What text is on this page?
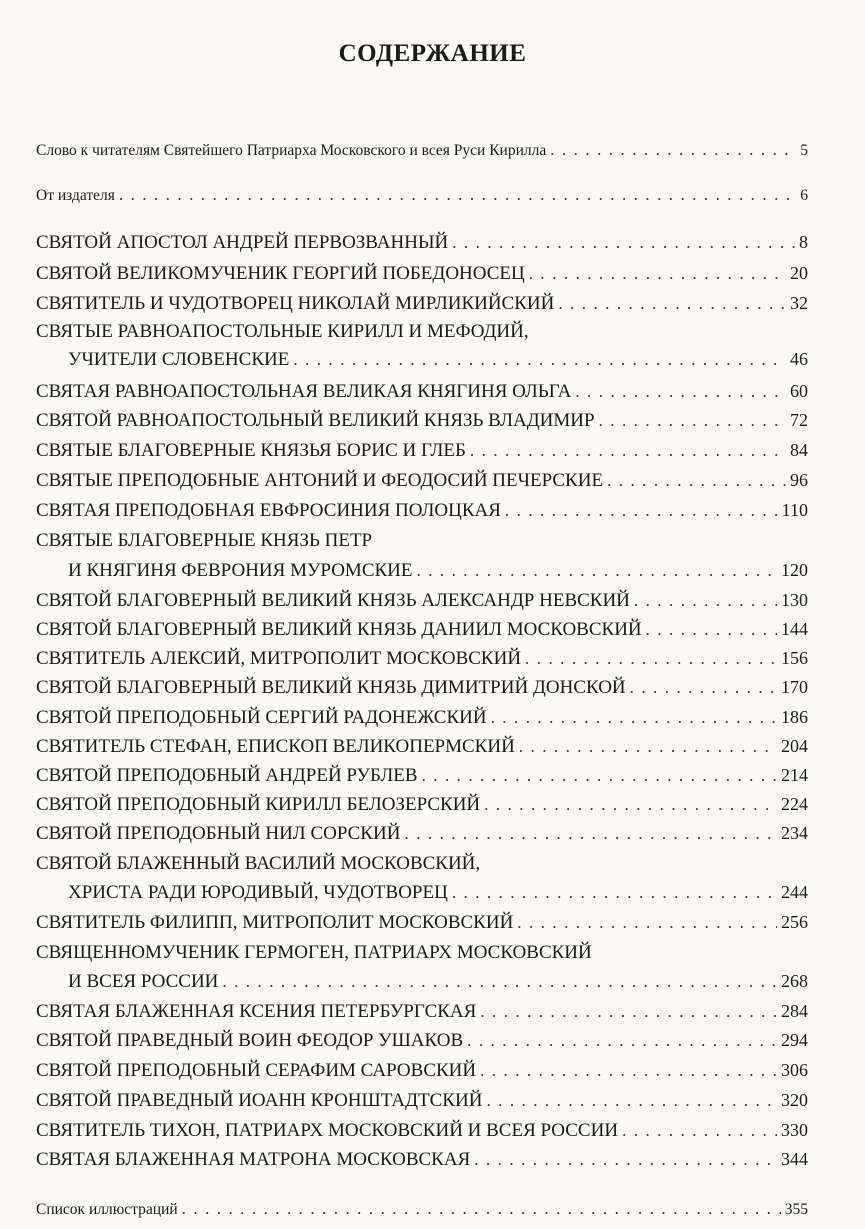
СОДЕРЖАНИЕ
Слово к читателям Святейшего Патриарха Московского и всея Руси Кирилла . . .	5
От издателя . . .	6
СВЯТОЙ АПОСТОЛ АНДРЕЙ ПЕРВОЗВАННЫЙ . . .	8
СВЯТОЙ ВЕЛИКОМУЧЕНИК ГЕОРГИЙ ПОБЕДОНОСЕЦ . . .	20
СВЯТИТЕЛЬ И ЧУДОТВОРЕЦ НИКОЛАЙ МИРЛИКИЙСКИЙ . . .	32
СВЯТЫЕ РАВНОАПОСТОЛЬНЫЕ КИРИЛЛ И МЕФОДИЙ,
УЧИТЕЛИ СЛОВЕНСКИЕ . . .	46
СВЯТАЯ РАВНОАПОСТОЛЬНАЯ ВЕЛИКАЯ КНЯГИНЯ ОЛЬГА . . .	60
СВЯТОЙ РАВНОАПОСТОЛЬНЫЙ ВЕЛИКИЙ КНЯЗЬ ВЛАДИМИР . . .	72
СВЯТЫЕ БЛАГОВЕРНЫЕ КНЯЗЬЯ БОРИС И ГЛЕБ . . .	84
СВЯТЫЕ ПРЕПОДОБНЫЕ АНТОНИЙ И ФЕОДОСИЙ ПЕЧЕРСКИЕ . . .	96
СВЯТАЯ ПРЕПОДОБНАЯ ЕВФРОСИНИЯ ПОЛОЦКАЯ . . .	110
СВЯТЫЕ БЛАГОВЕРНЫЕ КНЯЗЬ ПЕТР
И КНЯГИНЯ ФЕВРОНИЯ МУРОМСКИЕ . . .	120
СВЯТОЙ БЛАГОВЕРНЫЙ ВЕЛИКИЙ КНЯЗЬ АЛЕКСАНДР НЕВСКИЙ . . .	130
СВЯТОЙ БЛАГОВЕРНЫЙ ВЕЛИКИЙ КНЯЗЬ ДАНИИЛ МОСКОВСКИЙ . . .	144
СВЯТИТЕЛЬ АЛЕКСИЙ, МИТРОПОЛИТ МОСКОВСКИЙ . . .	156
СВЯТОЙ БЛАГОВЕРНЫЙ ВЕЛИКИЙ КНЯЗЬ ДИМИТРИЙ ДОНСКОЙ . . .	170
СВЯТОЙ ПРЕПОДОБНЫЙ СЕРГИЙ РАДОНЕЖСКИЙ . . .	186
СВЯТИТЕЛЬ СТЕФАН, ЕПИСКОП ВЕЛИКОПЕРМСКИЙ . . .	204
СВЯТОЙ ПРЕПОДОБНЫЙ АНДРЕЙ РУБЛЕВ . . .	214
СВЯТОЙ ПРЕПОДОБНЫЙ КИРИЛЛ БЕЛОЗЕРСКИЙ . . .	224
СВЯТОЙ ПРЕПОДОБНЫЙ НИЛ СОРСКИЙ . . .	234
СВЯТОЙ БЛАЖЕННЫЙ ВАСИЛИЙ МОСКОВСКИЙ,
ХРИСТА РАДИ ЮРОДИВЫЙ, ЧУДОТВОРЕЦ . . .	244
СВЯТИТЕЛЬ ФИЛИПП, МИТРОПОЛИТ МОСКОВСКИЙ . . .	256
СВЯЩЕННОМУЧЕНИК ГЕРМОГЕН, ПАТРИАРХ МОСКОВСКИЙ
И ВСЕЯ РОССИИ . . .	268
СВЯТАЯ БЛАЖЕННАЯ КСЕНИЯ ПЕТЕРБУРГСКАЯ . . .	284
СВЯТОЙ ПРАВЕДНЫЙ ВОИН ФЕОДОР УШАКОВ . . .	294
СВЯТОЙ ПРЕПОДОБНЫЙ СЕРАФИМ САРОВСКИЙ . . .	306
СВЯТОЙ ПРАВЕДНЫЙ ИОАНН КРОНШТАДТСКИЙ . . .	320
СВЯТИТЕЛЬ ТИХОН, ПАТРИАРХ МОСКОВСКИЙ И ВСЕЯ РОССИИ . . .	330
СВЯТАЯ БЛАЖЕННАЯ МАТРОНА МОСКОВСКАЯ . . .	344
Список иллюстраций . . .	355
